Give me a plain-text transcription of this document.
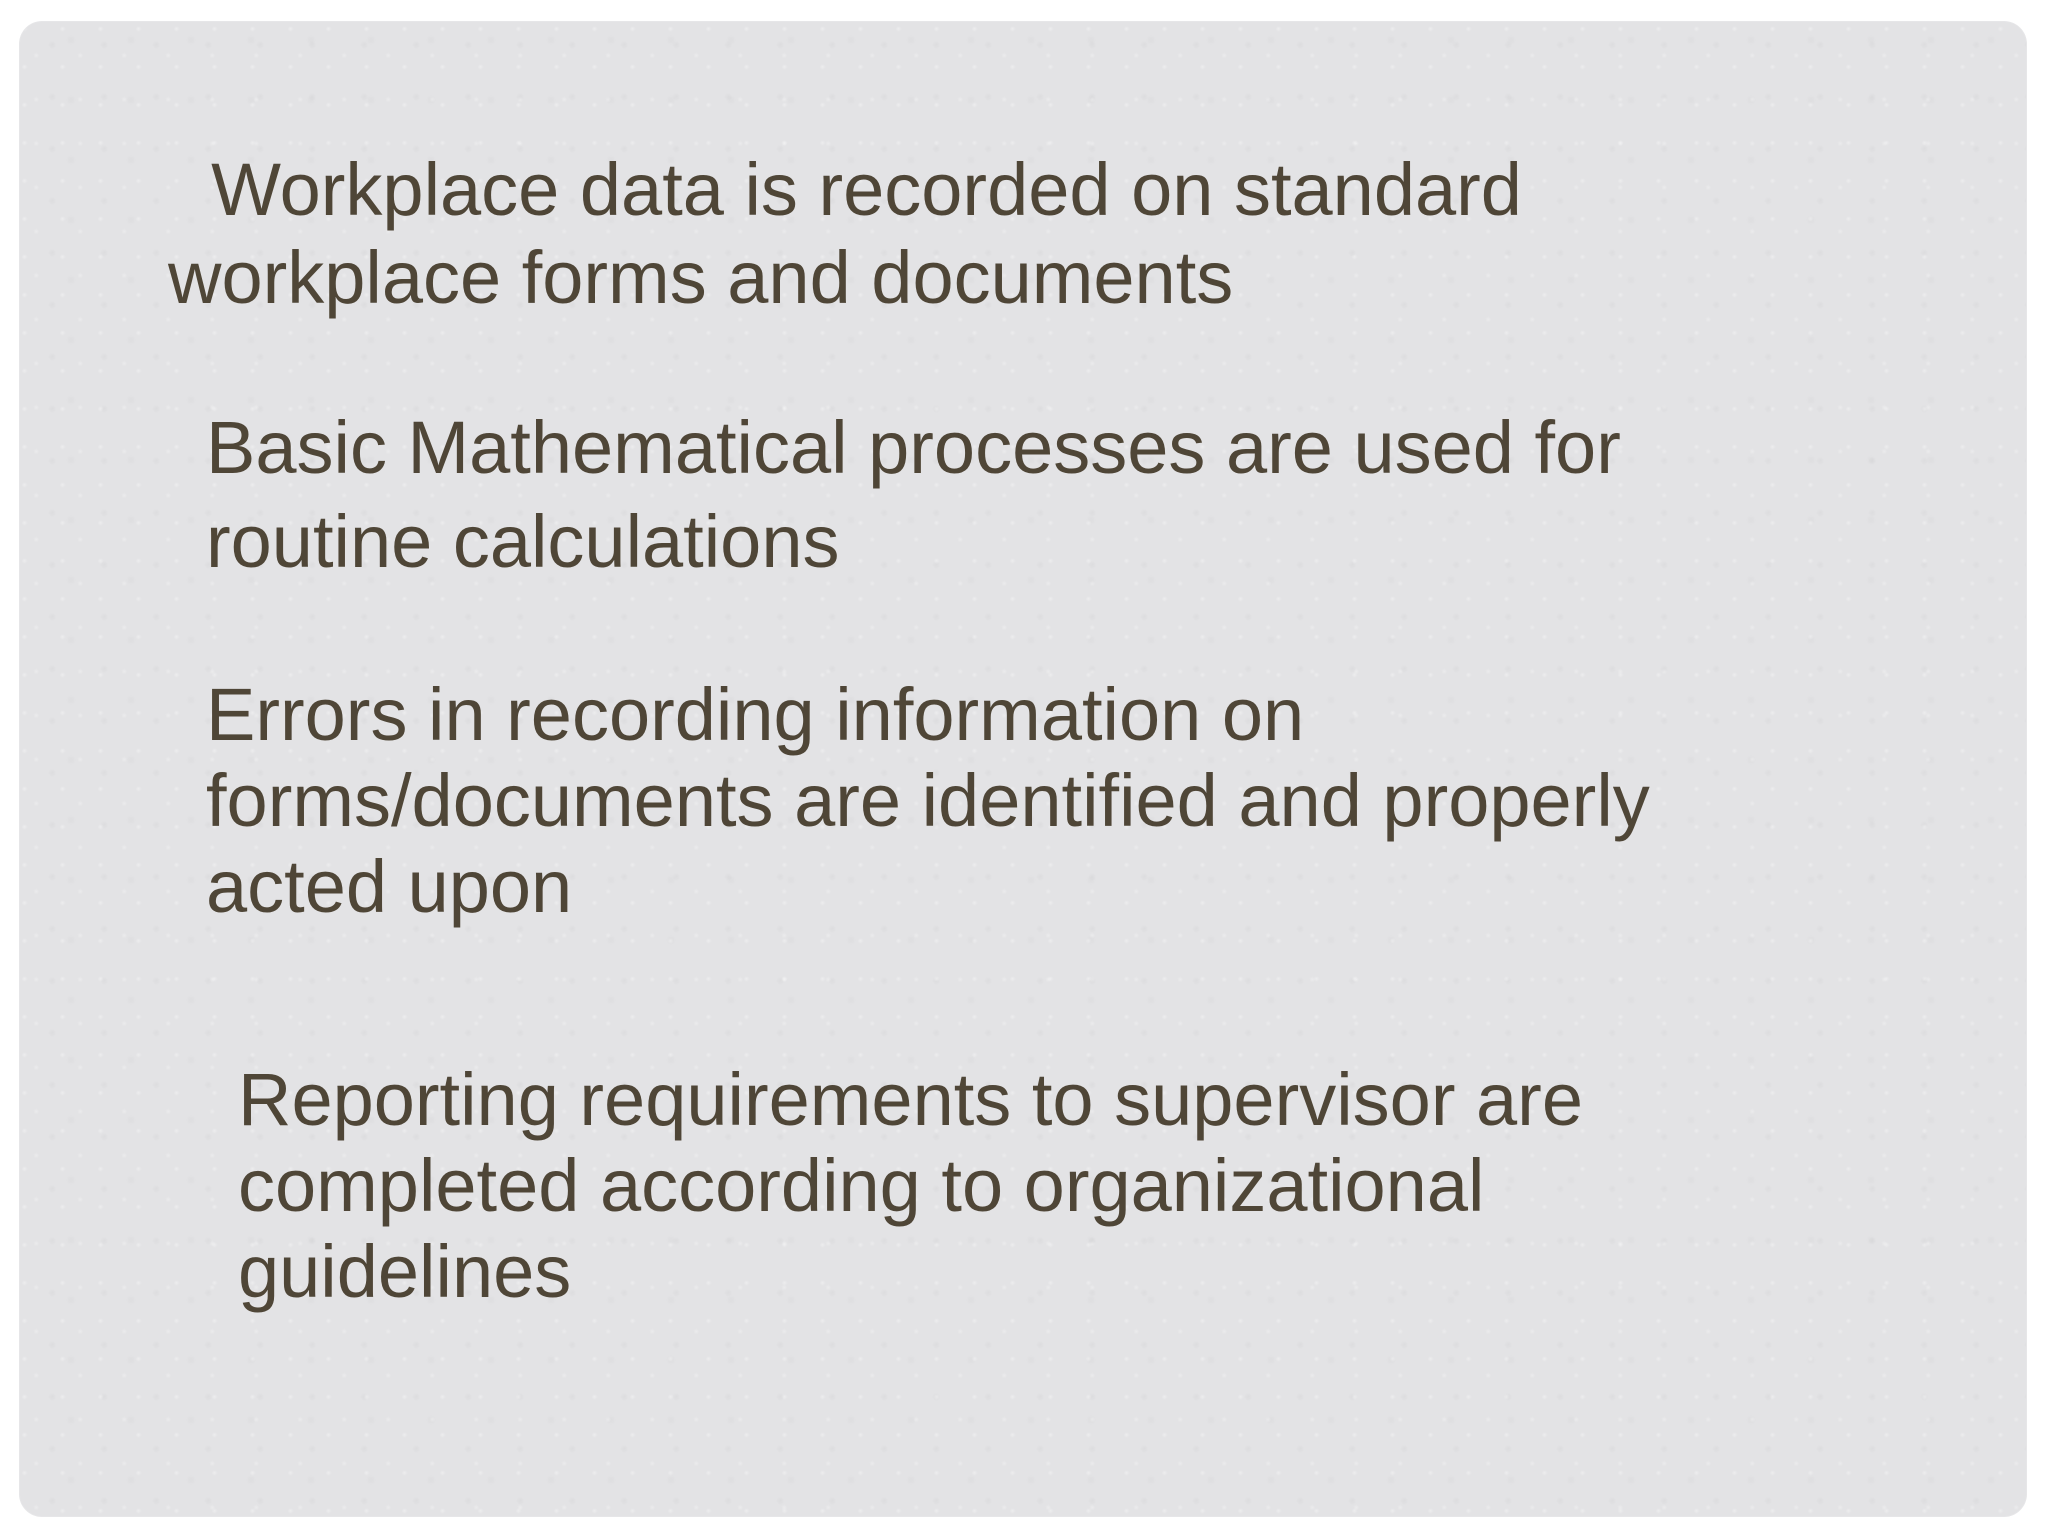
Workplace data is recorded on standard
workplace forms and documents

Basic Mathematical processes are used for
routine calculations

Errors in recording information on
forms/documents are identified and properly
acted upon

Reporting requirements to supervisor are
completed according to organizational
guidelines
